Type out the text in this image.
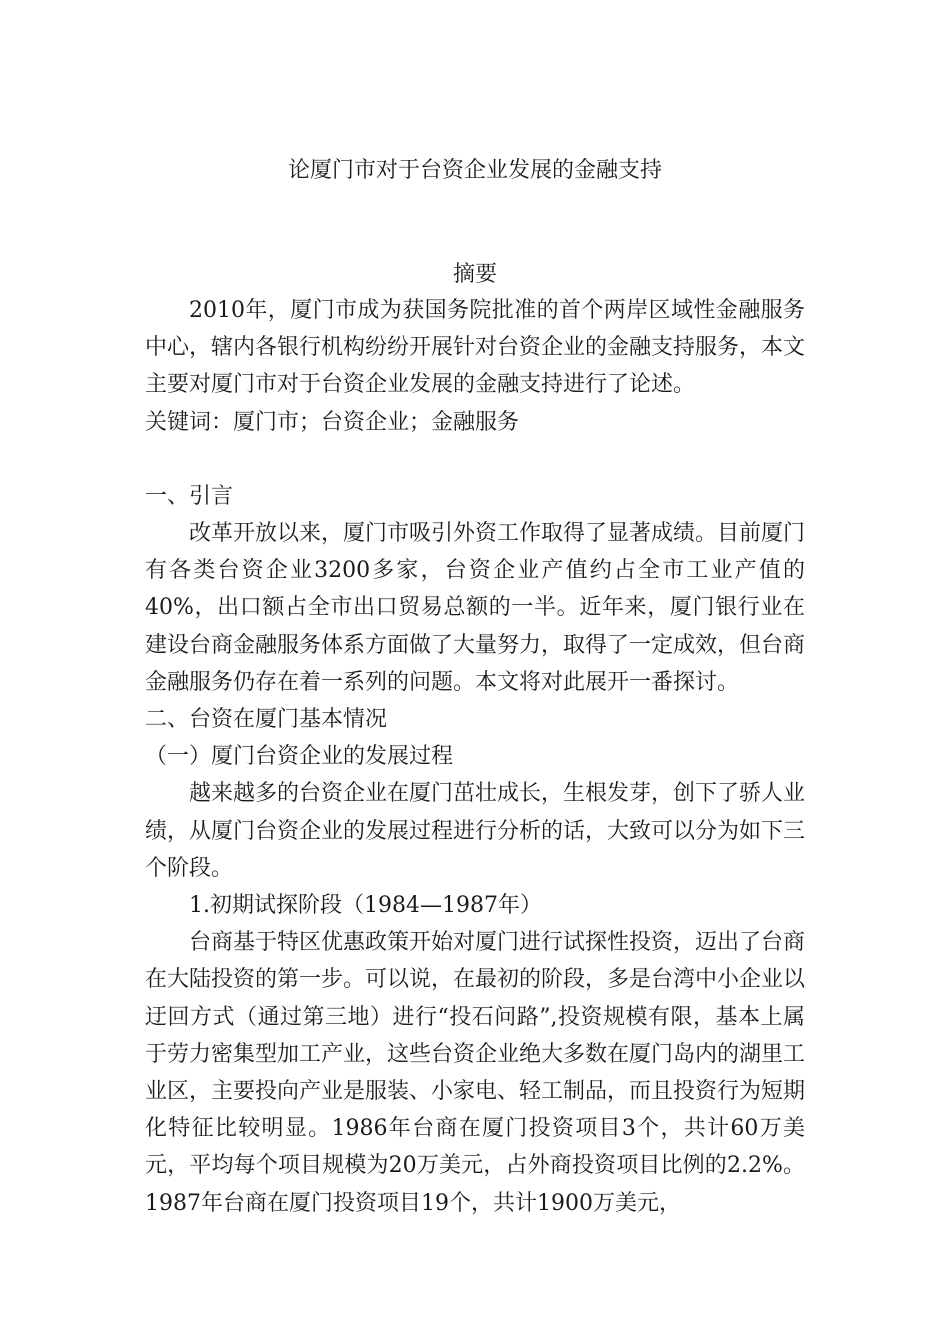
论厦门市对于台资企业发展的金融支持
摘要

2010年，厦门市成为获国务院批准的首个两岸区域性金融服务中心，辖内各银行机构纷纷开展针对台资企业的金融支持服务，本文主要对厦门市对于台资企业发展的金融支持进行了论述。

关键词：厦门市；台资企业；金融服务

一、引言

改革开放以来，厦门市吸引外资工作取得了显著成绩。目前厦门有各类台资企业3200多家，台资企业产值约占全市工业产值的40%，出口额占全市出口贸易总额的一半。近年来，厦门银行业在建设台商金融服务体系方面做了大量努力，取得了一定成效，但台商金融服务仍存在着一系列的问题。本文将对此展开一番探讨。

二、台资在厦门基本情况

（一）厦门台资企业的发展过程

越来越多的台资企业在厦门茁壮成长，生根发芽，创下了骄人业绩，从厦门台资企业的发展过程进行分析的话，大致可以分为如下三个阶段。

1.初期试探阶段（1984—1987年）

台商基于特区优惠政策开始对厦门进行试探性投资，迈出了台商在大陆投资的第一步。可以说，在最初的阶段，多是台湾中小企业以迂回方式（通过第三地）进行“投石问路”,投资规模有限，基本上属于劳力密集型加工产业，这些台资企业绝大多数在厦门岛内的湖里工业区，主要投向产业是服装、小家电、轻工制品，而且投资行为短期化特征比较明显。1986年台商在厦门投资项目3个，共计60万美元，平均每个项目规模为20万美元，占外商投资项目比例的2.2%。1987年台商在厦门投资项目19个，共计1900万美元，
